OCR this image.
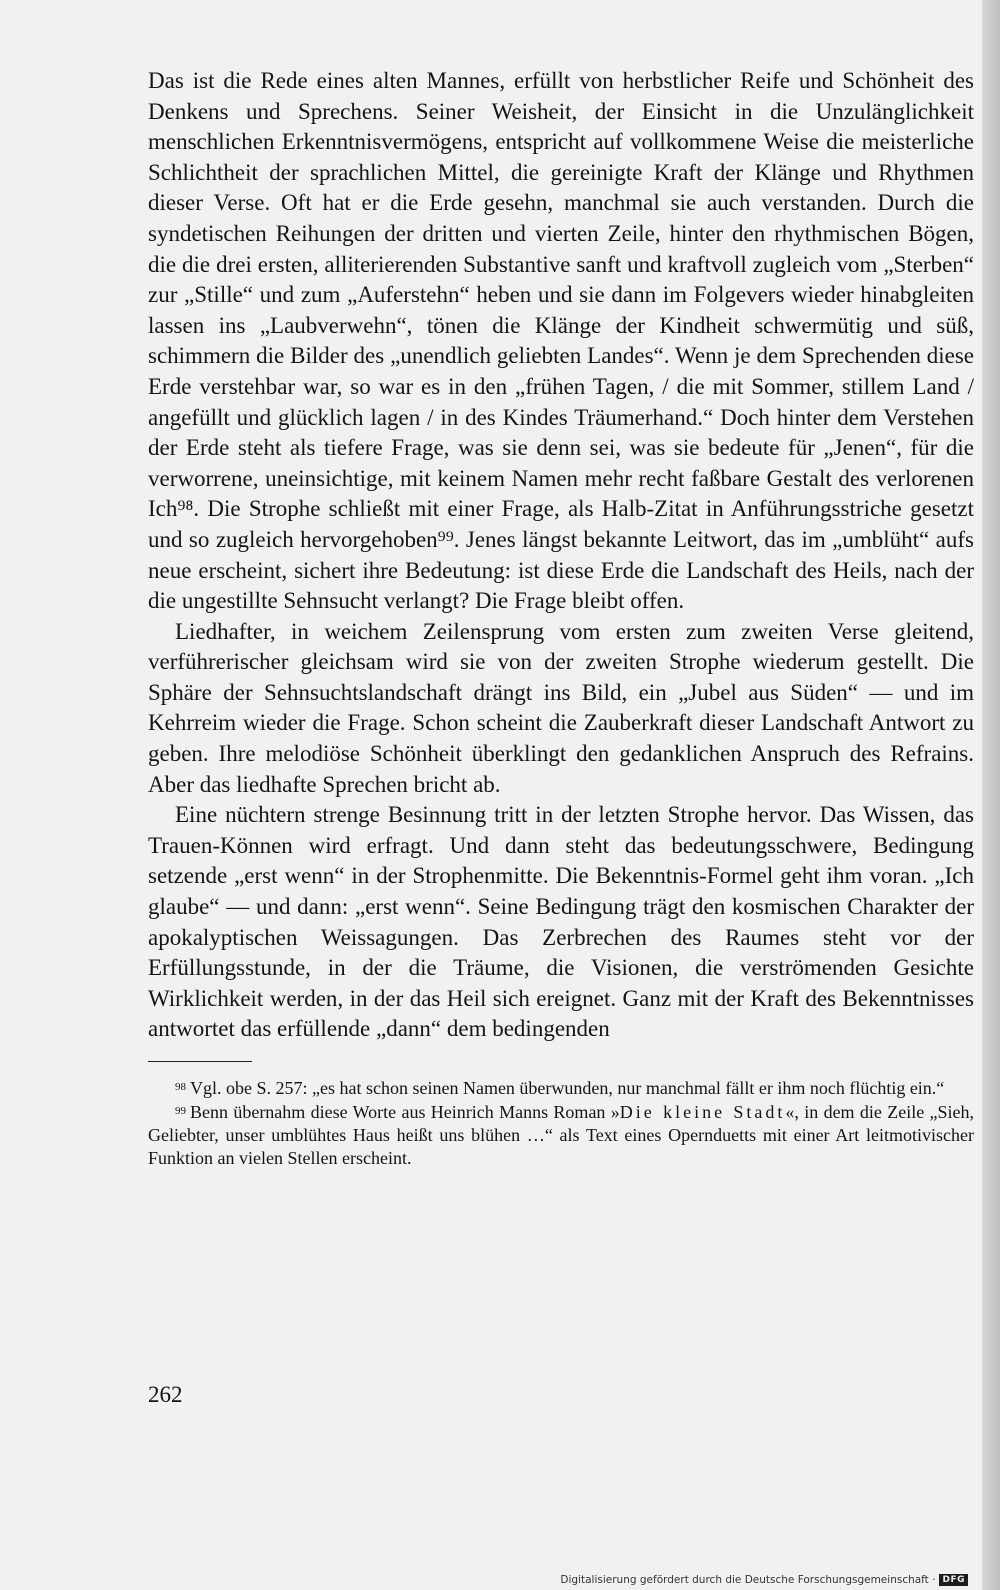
Das ist die Rede eines alten Mannes, erfüllt von herbstlicher Reife und Schönheit des Denkens und Sprechens. Seiner Weisheit, der Einsicht in die Unzulänglichkeit menschlichen Erkenntnisvermögens, entspricht auf vollkommene Weise die meisterliche Schlichtheit der sprachlichen Mittel, die gereinigte Kraft der Klänge und Rhythmen dieser Verse. Oft hat er die Erde gesehn, manchmal sie auch verstanden. Durch die syndetischen Reihungen der dritten und vierten Zeile, hinter den rhythmischen Bögen, die die drei ersten, alliterierenden Substantive sanft und kraftvoll zugleich vom „Sterben“ zur „Stille“ und zum „Auferstehn“ heben und sie dann im Folgevers wieder hinabgleiten lassen ins „Laubverwehn“, tönen die Klänge der Kindheit schwermütig und süß, schimmern die Bilder des „unendlich geliebten Landes“. Wenn je dem Sprechenden diese Erde verstehbar war, so war es in den „frühen Tagen, / die mit Sommer, stillem Land / angefüllt und glücklich lagen / in des Kindes Träumerhand.“ Doch hinter dem Verstehen der Erde steht als tiefere Frage, was sie denn sei, was sie bedeute für „Jenen“, für die verworrene, uneinsichtige, mit keinem Namen mehr recht faßbare Gestalt des verlorenen Ich⁹⁸. Die Strophe schließt mit einer Frage, als Halb-Zitat in Anführungsstriche gesetzt und so zugleich hervorgehoben⁹⁹. Jenes längst bekannte Leitwort, das im „umblüht“ aufs neue erscheint, sichert ihre Bedeutung: ist diese Erde die Landschaft des Heils, nach der die ungestillte Sehnsucht verlangt? Die Frage bleibt offen.

Liedhafter, in weichem Zeilensprung vom ersten zum zweiten Verse gleitend, verführerischer gleichsam wird sie von der zweiten Strophe wiederum gestellt. Die Sphäre der Sehnsuchtslandschaft drängt ins Bild, ein „Jubel aus Süden“ — und im Kehrreim wieder die Frage. Schon scheint die Zauberkraft dieser Landschaft Antwort zu geben. Ihre melodiöse Schönheit überklingt den gedanklichen Anspruch des Refrains. Aber das liedhafte Sprechen bricht ab.

Eine nüchtern strenge Besinnung tritt in der letzten Strophe hervor. Das Wissen, das Trauen-Können wird erfragt. Und dann steht das bedeutungsschwere, Bedingung setzende „erst wenn“ in der Strophenmitte. Die Bekenntnis-Formel geht ihm voran. „Ich glaube“ — und dann: „erst wenn“. Seine Bedingung trägt den kosmischen Charakter der apokalyptischen Weissagungen. Das Zerbrechen des Raumes steht vor der Erfüllungsstunde, in der die Träume, die Visionen, die verströmenden Gesichte Wirklichkeit werden, in der das Heil sich ereignet. Ganz mit der Kraft des Bekenntnisses antwortet das erfüllende „dann“ dem bedingenden

$^{98}$ Vgl. obe S. 257: „es hat schon seinen Namen überwunden, nur manchmal fällt er ihm noch flüchtig ein.“

$^{99}$ Benn übernahm diese Worte aus Heinrich Manns Roman »Die kleine Stadt«, in dem die Zeile „Sieh, Geliebter, unser umblühtes Haus heißt uns blühen …“ als Text eines Opernduetts mit einer Art leitmotivischer Funktion an vielen Stellen erscheint.

262
Digitalisierung gefördert durch die Deutsche Forschungsgemeinschaft · DFG
